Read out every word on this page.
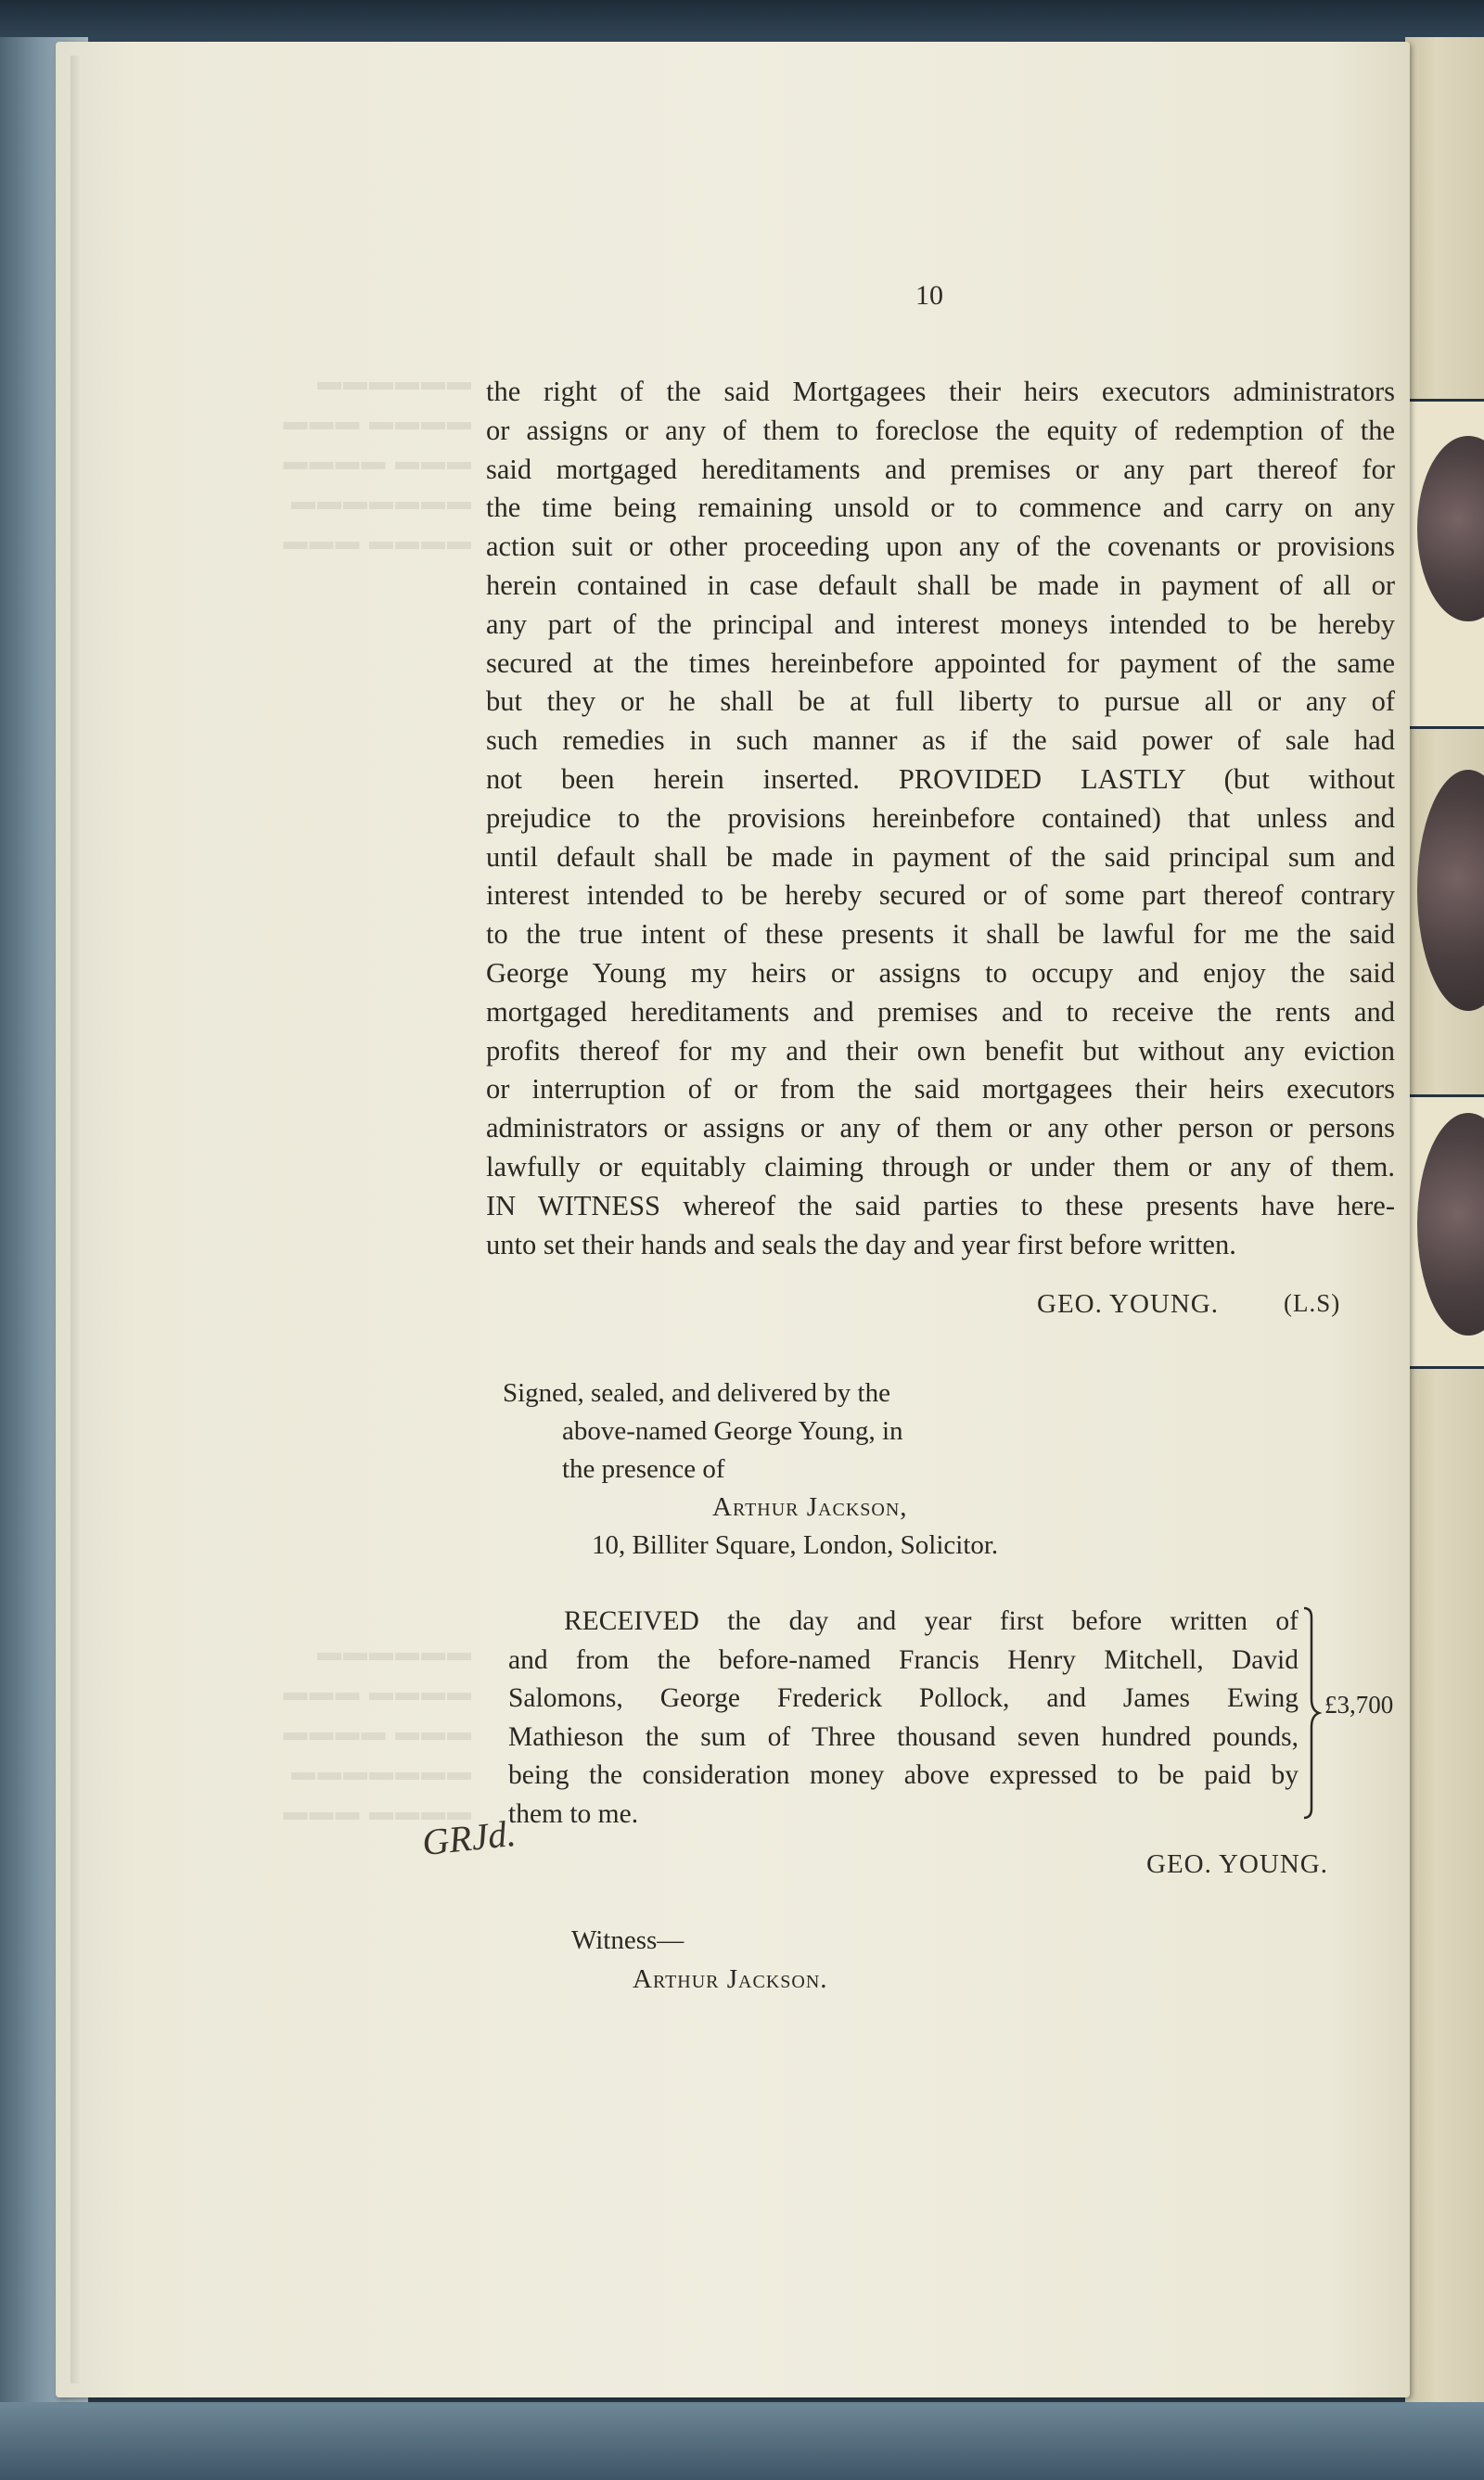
▬▬▬▬▬▬
▬▬▬ ▬▬▬▬
▬▬▬▬ ▬▬▬
▬▬▬▬▬▬▬
▬▬▬ ▬▬▬▬
▬▬▬▬▬▬
▬▬▬ ▬▬▬▬
▬▬▬▬ ▬▬▬
▬▬▬▬▬▬▬
▬▬▬ ▬▬▬▬
10
the right of the said Mortgagees their heirs executors administrators
or assigns or any of them to foreclose the equity of redemption of the
said mortgaged hereditaments and premises or any part thereof for
the time being remaining unsold or to commence and carry on any
action suit or other proceeding upon any of the covenants or provisions
herein contained in case default shall be made in payment of all or
any part of the principal and interest moneys intended to be hereby
secured at the times hereinbefore appointed for payment of the same
but they or he shall be at full liberty to pursue all or any of
such remedies in such manner as if the said power of sale had
not been herein inserted. PROVIDED LASTLY (but without
prejudice to the provisions hereinbefore contained) that unless and
until default shall be made in payment of the said principal sum and
interest intended to be hereby secured or of some part thereof contrary
to the true intent of these presents it shall be lawful for me the said
George Young my heirs or assigns to occupy and enjoy the said
mortgaged hereditaments and premises and to receive the rents and
profits thereof for my and their own benefit but without any eviction
or interruption of or from the said mortgagees their heirs executors
administrators or assigns or any of them or any other person or persons
lawfully or equitably claiming through or under them or any of them.
IN WITNESS whereof the said parties to these presents have here-
unto set their hands and seals the day and year first before written.
GEO. YOUNG.	(L.S)
Signed, sealed, and delivered by the
above-named George Young, in
the presence of
Arthur Jackson,
10, Billiter Square, London, Solicitor.
RECEIVED the day and year first before written of
and from the before-named Francis Henry Mitchell, David
Salomons, George Frederick Pollock, and James Ewing
Mathieson the sum of Three thousand seven hundred pounds,
being the consideration money above expressed to be paid by
them to me.
£3,700
GRJd.
GEO. YOUNG.
Witness—
Arthur Jackson.
